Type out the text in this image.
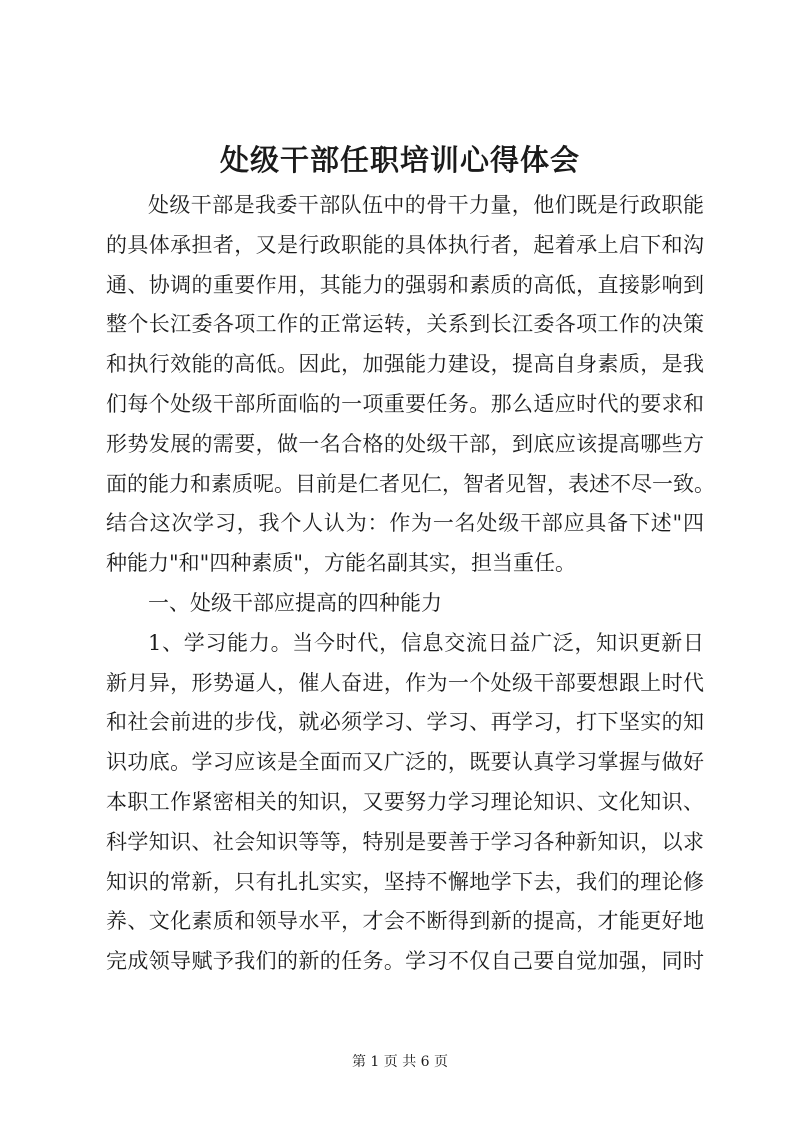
处级干部任职培训心得体会
处级干部是我委干部队伍中的骨干力量，他们既是行政职能
的具体承担者，又是行政职能的具体执行者，起着承上启下和沟
通、协调的重要作用，其能力的强弱和素质的高低，直接影响到
整个长江委各项工作的正常运转，关系到长江委各项工作的决策
和执行效能的高低。因此，加强能力建设，提高自身素质，是我
们每个处级干部所面临的一项重要任务。那么适应时代的要求和
形势发展的需要，做一名合格的处级干部，到底应该提高哪些方
面的能力和素质呢。目前是仁者见仁，智者见智，表述不尽一致。
结合这次学习，我个人认为：作为一名处级干部应具备下述"四
种能力"和"四种素质"，方能名副其实，担当重任。
一、处级干部应提高的四种能力
1、学习能力。当今时代，信息交流日益广泛，知识更新日
新月异，形势逼人，催人奋进，作为一个处级干部要想跟上时代
和社会前进的步伐，就必须学习、学习、再学习，打下坚实的知
识功底。学习应该是全面而又广泛的，既要认真学习掌握与做好
本职工作紧密相关的知识，又要努力学习理论知识、文化知识、
科学知识、社会知识等等，特别是要善于学习各种新知识，以求
知识的常新，只有扎扎实实，坚持不懈地学下去，我们的理论修
养、文化素质和领导水平，才会不断得到新的提高，才能更好地
完成领导赋予我们的新的任务。学习不仅自己要自觉加强，同时
第 1 页 共 6 页
